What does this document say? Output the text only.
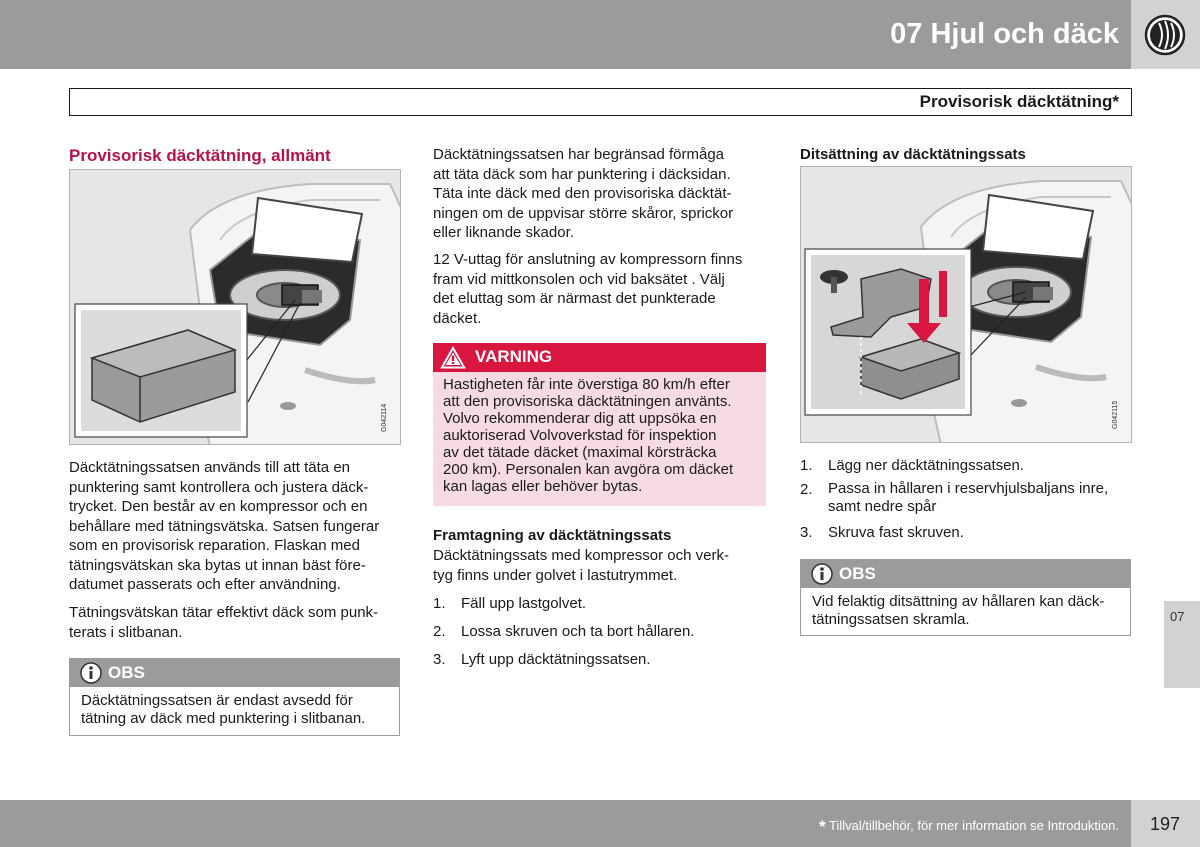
07 Hjul och däck
Provisorisk däcktätning*
Provisorisk däcktätning, allmänt
G042114
Däcktätningssatsen används till att täta en
punktering samt kontrollera och justera däck-
trycket. Den består av en kompressor och en
behållare med tätningsvätska. Satsen fungerar
som en provisorisk reparation. Flaskan med
tätningsvätskan ska bytas ut innan bäst före-
datumet passerats och efter användning.
Tätningsvätskan tätar effektivt däck som punk-
terats i slitbanan.
OBS
Däcktätningssatsen är endast avsedd för
tätning av däck med punktering i slitbanan.
Däcktätningssatsen har begränsad förmåga
att täta däck som har punktering i däcksidan.
Täta inte däck med den provisoriska däcktät-
ningen om de uppvisar större skåror, sprickor
eller liknande skador.
12 V-uttag för anslutning av kompressorn finns
fram vid mittkonsolen och vid baksätet . Välj
det eluttag som är närmast det punkterade
däcket.
VARNING
Hastigheten får inte överstiga 80 km/h efter
att den provisoriska däcktätningen använts.
Volvo rekommenderar dig att uppsöka en
auktoriserad Volvoverkstad för inspektion
av det tätade däcket (maximal körsträcka
200 km). Personalen kan avgöra om däcket
kan lagas eller behöver bytas.
Framtagning av däcktätningssats
Däcktätningssats med kompressor och verk-
tyg finns under golvet i lastutrymmet.
1. Fäll upp lastgolvet.
2. Lossa skruven och ta bort hållaren.
3. Lyft upp däcktätningssatsen.
Ditsättning av däcktätningssats
G042115
1. Lägg ner däcktätningssatsen.
2. Passa in hållaren i reservhjulsbaljans inre,
samt nedre spår
3. Skruva fast skruven.
OBS
Vid felaktig ditsättning av hållaren kan däck-
tätningssatsen skramla.	07
* Tillval/tillbehör, för mer information se Introduktion. 197
